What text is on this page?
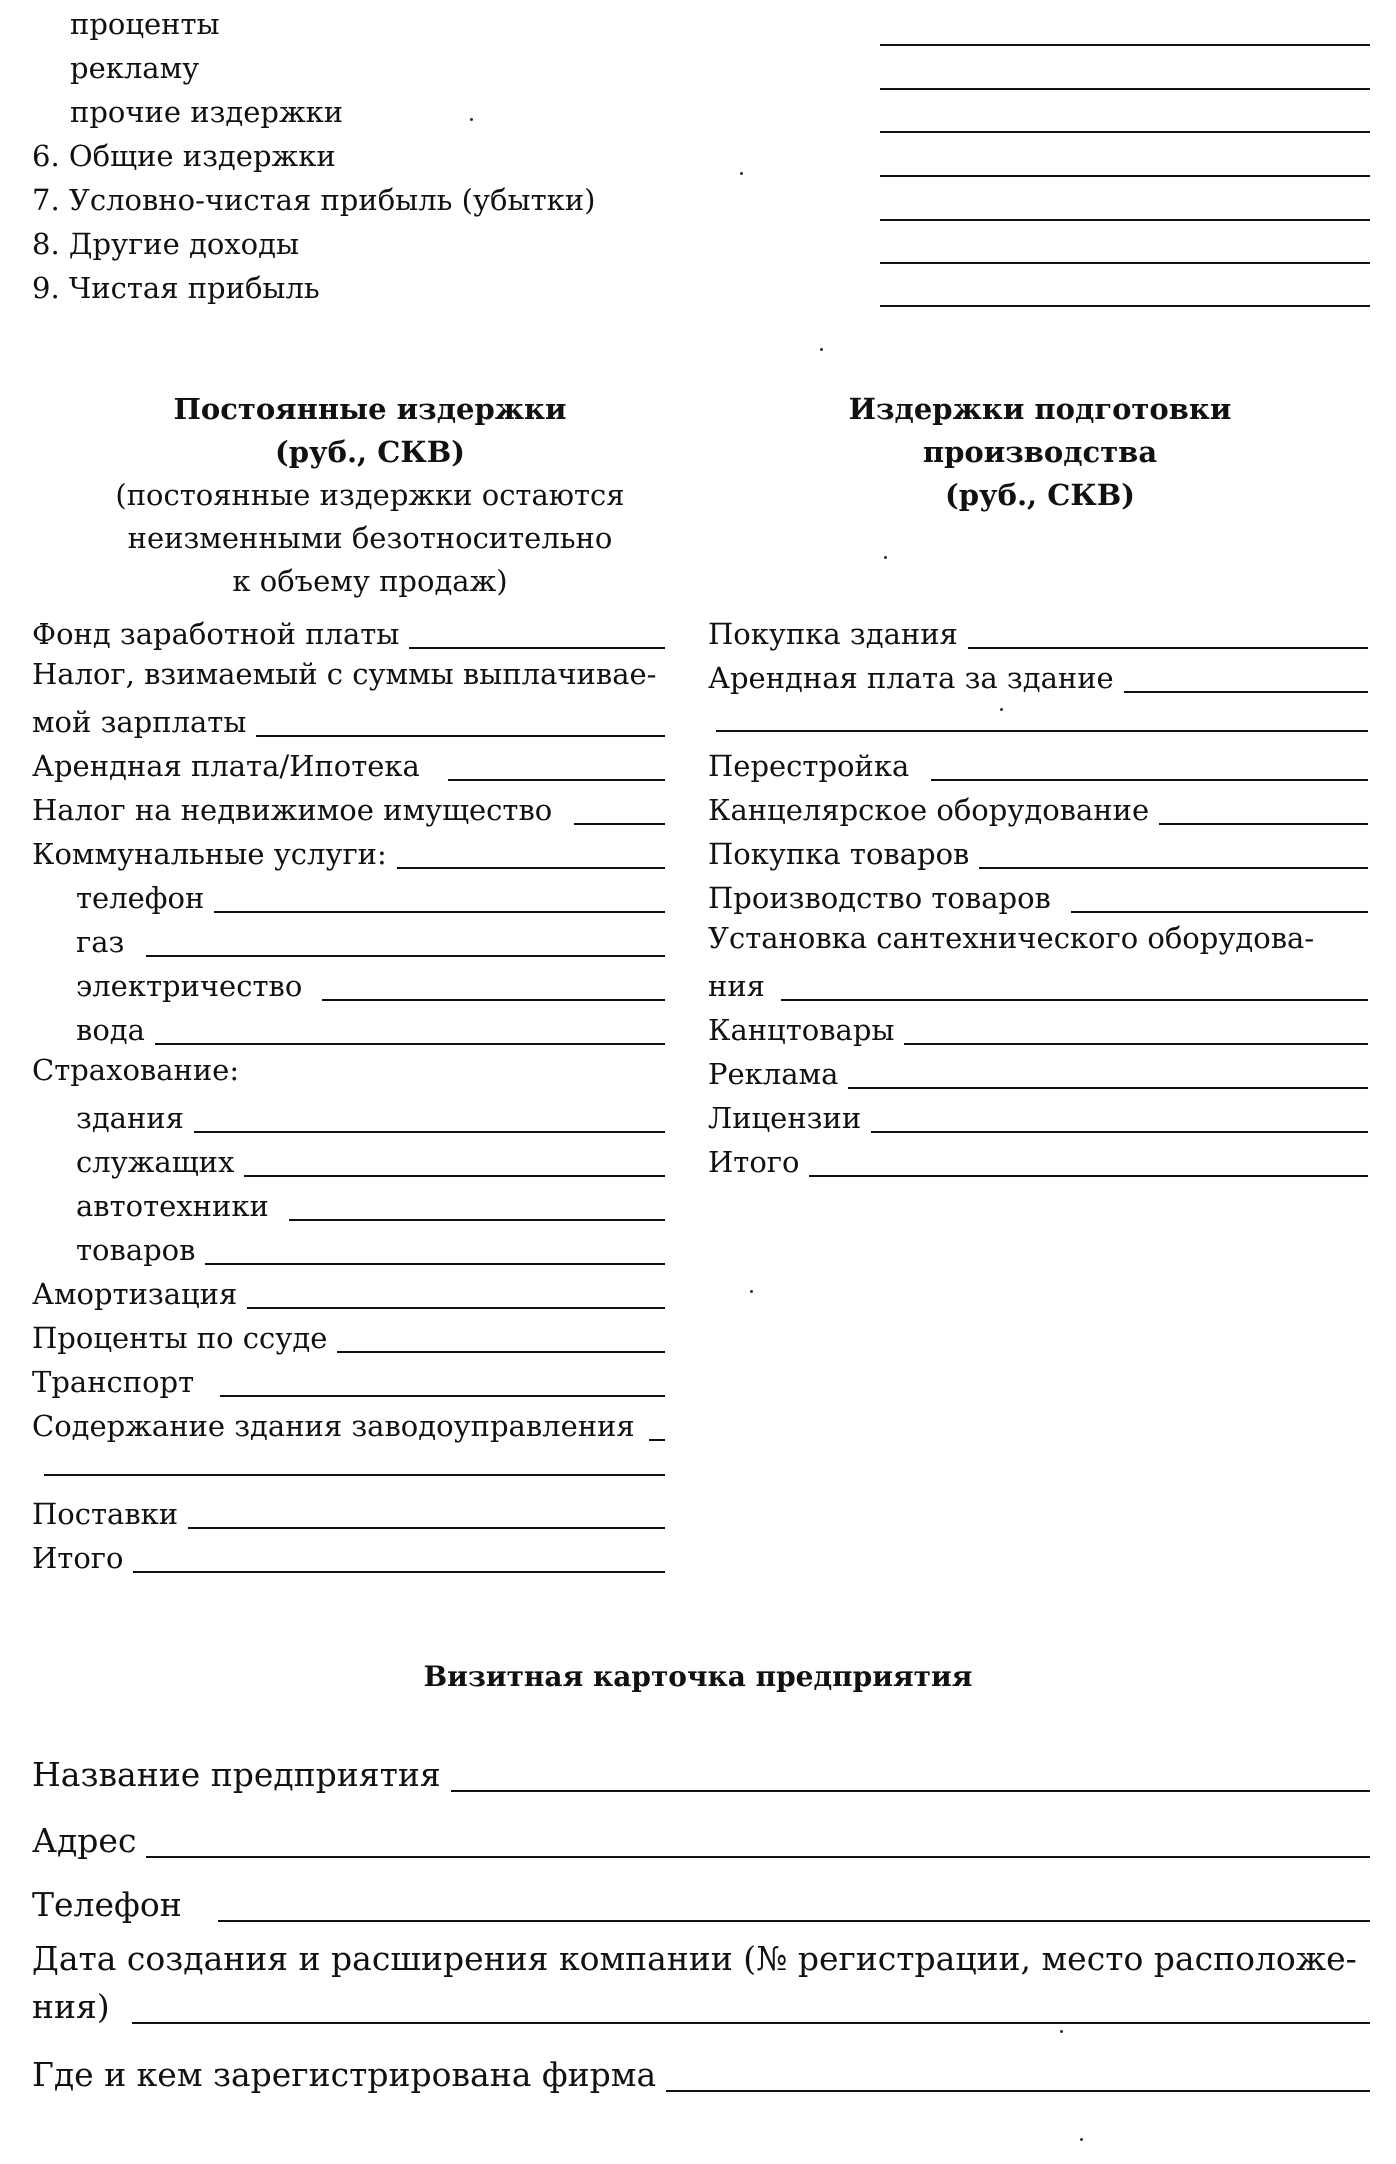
проценты
рекламу
прочие издержки
6. Общие издержки
7. Условно-чистая прибыль (убытки)
8. Другие доходы
9. Чистая прибыль
Постоянные издержки
(руб., СКВ)
(постоянные издержки остаются
неизменными безотносительно
к объему продаж)
Издержки подготовки
производства
(руб., СКВ)
Фонд заработной платы
Налог, взимаемый с суммы выплачивае-
мой зарплаты
Арендная плата/Ипотека
Налог на недвижимое имущество
Коммунальные услуги:
телефон
газ
электричество
вода
Страхование:
здания
служащих
автотехники
товаров
Амортизация
Проценты по ссуде
Транспорт
Содержание здания заводоуправления
Поставки
Итого
Покупка здания
Арендная плата за здание
Перестройка
Канцелярское оборудование
Покупка товаров
Производство товаров
Установка сантехнического оборудова-
ния
Канцтовары
Реклама
Лицензии
Итого
Визитная карточка предприятия
Название предприятия
Адрес
Телефон
Дата создания и расширения компании (№ регистрации, место расположе-
ния)
Где и кем зарегистрирована фирма
